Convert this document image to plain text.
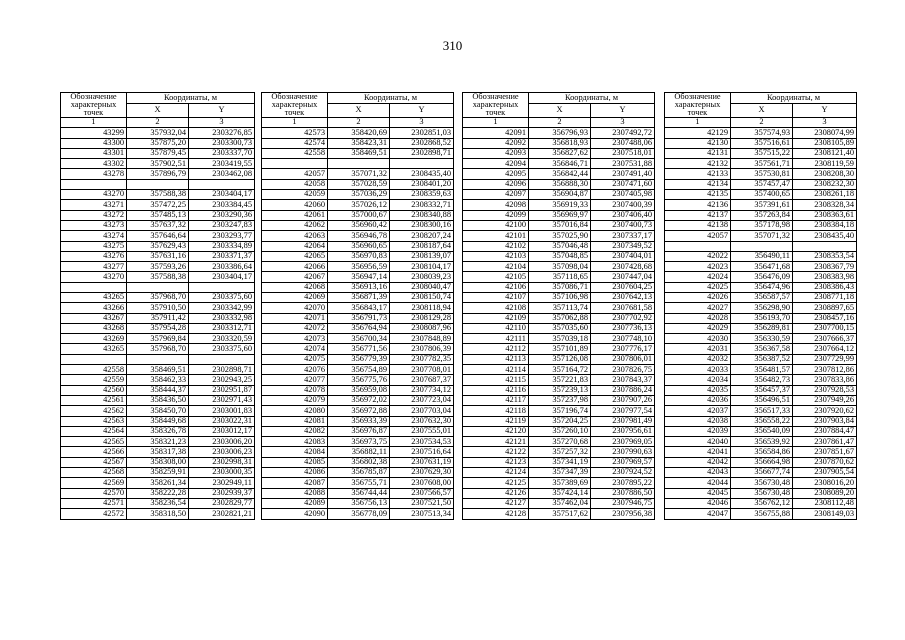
310
Обозначение характерных точек	Координаты, м	
	X	Y
1	2	3
43299	357932,04	2303276,85
43300	357875,20	2303300,73
43301	357879,45	2303337,70
43302	357902,51	2303419,55
43278	357896,79	2303462,08

43270	357588,38	2303404,17
43271	357472,25	2303384,45
43272	357485,13	2303290,36
43273	357637,32	2303247,83
43274	357646,64	2303293,77
43275	357629,43	2303334,89
43276	357631,16	2303371,37
43277	357593,26	2303386,64
43270	357588,38	2303404,17

43265	357968,70	2303375,60
43266	357910,50	2303342,99
43267	357911,42	2303332,98
43268	357954,28	2303312,71
43269	357969,84	2303320,59
43265	357968,70	2303375,60

42558	358469,51	2302898,71
42559	358462,33	2302943,25
42560	358444,37	2302951,87
42561	358436,50	2302971,43
42562	358450,70	2303001,83
42563	358449,68	2303022,31
42564	358326,78	2303012,17
42565	358321,23	2303006,20
42566	358317,38	2303006,23
42567	358308,00	2302998,31
42568	358259,91	2303000,35
42569	358261,34	2302949,11
42570	358222,28	2302939,37
42571	358236,54	2302829,77
42572	358318,50	2302821,21
Обозначение характерных точек	Координаты, м	
	X	Y
1	2	3
42573	358420,69	2302851,03
42574	358423,31	2302868,52
42558	358469,51	2302898,71

42057	357071,32	2308435,40
42058	357028,59	2308401,20
42059	357036,29	2308359,63
42060	357026,12	2308332,71
42061	357000,67	2308340,88
42062	356960,42	2308300,16
42063	356946,78	2308207,24
42064	356960,65	2308187,64
42065	356970,83	2308139,07
42066	356956,59	2308104,17
42067	356947,14	2308039,23
42068	356913,16	2308040,47
42069	356871,39	2308150,74
42070	356843,17	2308118,94
42071	356791,73	2308129,28
42072	356764,94	2308087,96
42073	356700,34	2307848,89
42074	356771,56	2307806,39
42075	356779,39	2307782,35
42076	356754,89	2307708,01
42077	356775,76	2307687,37
42078	356959,08	2307734,12
42079	356972,02	2307723,04
42080	356972,88	2307703,04
42081	356933,39	2307632,30
42082	356976,87	2307555,01
42083	356973,75	2307534,53
42084	356882,11	2307516,64
42085	356802,38	2307631,19
42086	356785,87	2307629,30
42087	356755,71	2307608,00
42088	356744,44	2307566,57
42089	356756,13	2307521,50
42090	356778,09	2307513,34
Обозначение характерных точек	Координаты, м	
	X	Y
1	2	3
42091	356796,93	2307492,72
42092	356818,93	2307488,06
42093	356827,62	2307518,01
42094	356846,71	2307531,88
42095	356842,44	2307491,40
42096	356888,30	2307471,60
42097	356904,87	2307405,98
42098	356919,33	2307400,39
42099	356969,97	2307406,40
42100	357016,84	2307400,73
42101	357025,90	2307337,17
42102	357046,48	2307349,52
42103	357048,85	2307404,01
42104	357098,04	2307428,68
42105	357118,65	2307447,04
42106	357086,71	2307604,25
42107	357106,98	2307642,13
42108	357113,74	2307681,58
42109	357062,88	2307702,92
42110	357035,60	2307736,13
42111	357039,18	2307748,10
42112	357101,89	2307776,17
42113	357126,08	2307806,01
42114	357164,72	2307826,75
42115	357221,83	2307843,37
42116	357239,13	2307886,24
42117	357237,98	2307907,26
42118	357196,74	2307977,54
42119	357204,25	2307981,49
42120	357260,10	2307956,61
42121	357270,68	2307969,05
42122	357257,32	2307990,63
42123	357341,19	2307969,57
42124	357347,39	2307924,52
42125	357389,69	2307895,22
42126	357424,14	2307886,50
42127	357462,04	2307946,75
42128	357517,62	2307956,38
Обозначение характерных точек	Координаты, м	
	X	Y
1	2	3
42129	357574,93	2308074,99
42130	357516,61	2308105,89
42131	357515,22	2308121,40
42132	357561,71	2308119,59
42133	357530,81	2308208,30
42134	357457,47	2308232,30
42135	357400,65	2308261,18
42136	357391,61	2308328,34
42137	357263,84	2308363,61
42138	357178,98	2308384,18
42057	357071,32	2308435,40

42022	356490,11	2308353,54
42023	356471,68	2308367,79
42024	356476,09	2308383,98
42025	356474,96	2308386,43
42026	356587,57	2308771,18
42027	356298,90	2308897,65
42028	356193,70	2308457,16
42029	356289,81	2307700,15
42030	356330,59	2307666,37
42031	356367,58	2307664,12
42032	356387,52	2307729,99
42033	356481,57	2307812,86
42034	356482,73	2307833,86
42035	356457,37	2307928,53
42036	356496,51	2307949,26
42037	356517,33	2307920,62
42038	356558,22	2307903,84
42039	356540,09	2307884,47
42040	356539,92	2307861,47
42041	356584,86	2307851,67
42042	356664,98	2307870,62
42043	356677,74	2307905,54
42044	356730,48	2308016,20
42045	356730,48	2308089,20
42046	356762,12	2308112,48
42047	356755,88	2308149,03
